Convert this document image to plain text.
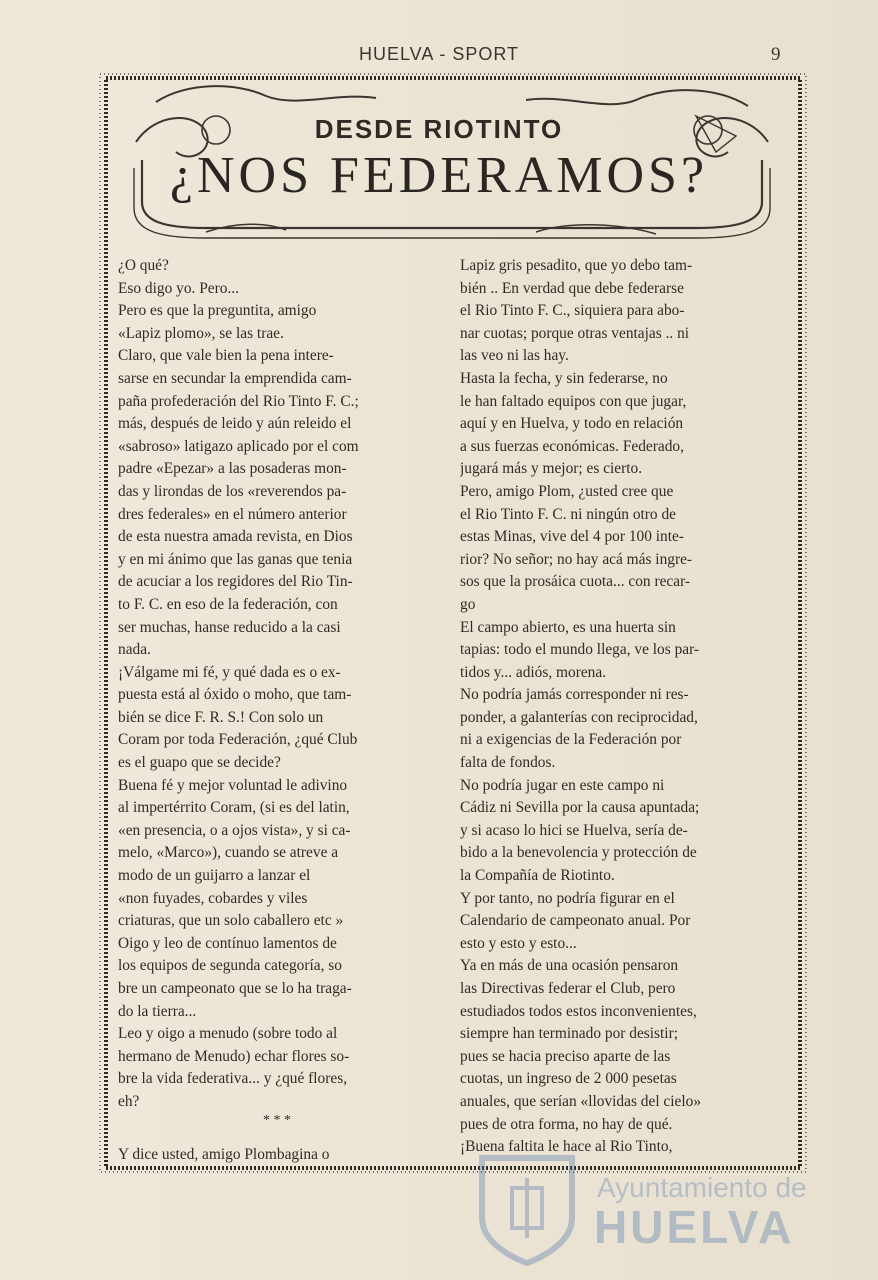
HUELVA - SPORT	9
DESDE RIOTINTO
¿NOS FEDERAMOS?
¿O qué?
Eso digo yo. Pero...
Pero es que la preguntita, amigo
«Lapiz plomo», se las trae.
Claro, que vale bien la pena intere-
sarse en secundar la emprendida cam-
paña profederación del Rio Tinto F. C.;
más, después de leido y aún releido el
«sabroso» latigazo aplicado por el com
padre «Epezar» a las posaderas mon-
das y lirondas de los «reverendos pa-
dres federales» en el número anterior
de esta nuestra amada revista, en Dios
y en mi ánimo que las ganas que tenia
de acuciar a los regidores del Rio Tin-
to F. C. en eso de la federación, con
ser muchas, hanse reducido a la casi
nada.
¡Válgame mi fé, y qué dada es o ex-
puesta está al óxido o moho, que tam-
bién se dice F. R. S.! Con solo un
Coram por toda Federación, ¿qué Club
es el guapo que se decide?
Buena fé y mejor voluntad le adivino
al impertérrito Coram, (si es del latin,
«en presencia, o a ojos vista», y si ca-
melo, «Marco»), cuando se atreve a
modo de un guijarro a lanzar el
«non fuyades, cobardes y viles
criaturas, que un solo caballero etc »
Oigo y leo de contínuo lamentos de
los equipos de segunda categoría, so
bre un campeonato que se lo ha traga-
do la tierra...
Leo y oigo a menudo (sobre todo al
hermano de Menudo) echar flores so-
bre la vida federativa... y ¿qué flores,
eh?
* * *
Y dice usted, amigo Plombagina o
Lapiz gris pesadito, que yo debo tam-
bién .. En verdad que debe federarse
el Rio Tinto F. C., siquiera para abo-
nar cuotas; porque otras ventajas .. ni
las veo ni las hay.
Hasta la fecha, y sin federarse, no
le han faltado equipos con que jugar,
aquí y en Huelva, y todo en relación
a sus fuerzas económicas. Federado,
jugará más y mejor; es cierto.
Pero, amigo Plom, ¿usted cree que
el Rio Tinto F. C. ni ningún otro de
estas Minas, vive del 4 por 100 inte-
rior? No señor; no hay acá más ingre-
sos que la prosáica cuota... con recar-
go
El campo abierto, es una huerta sin
tapias: todo el mundo llega, ve los par-
tidos y... adiós, morena.
No podría jamás corresponder ni res-
ponder, a galanterías con reciprocidad,
ni a exigencias de la Federación por
falta de fondos.
No podría jugar en este campo ni
Cádiz ni Sevilla por la causa apuntada;
y si acaso lo hici se Huelva, sería de-
bido a la benevolencia y protección de
la Compañía de Riotinto.
Y por tanto, no podría figurar en el
Calendario de campeonato anual. Por
esto y esto y esto...
Ya en más de una ocasión pensaron
las Directivas federar el Club, pero
estudiados todos estos inconvenientes,
siempre han terminado por desistir;
pues se hacia preciso aparte de las
cuotas, un ingreso de 2 000 pesetas
anuales, que serían «llovidas del cielo»
pues de otra forma, no hay de qué.
¡Buena faltita le hace al Rio Tinto,
Ayuntamiento de
HUELVA
